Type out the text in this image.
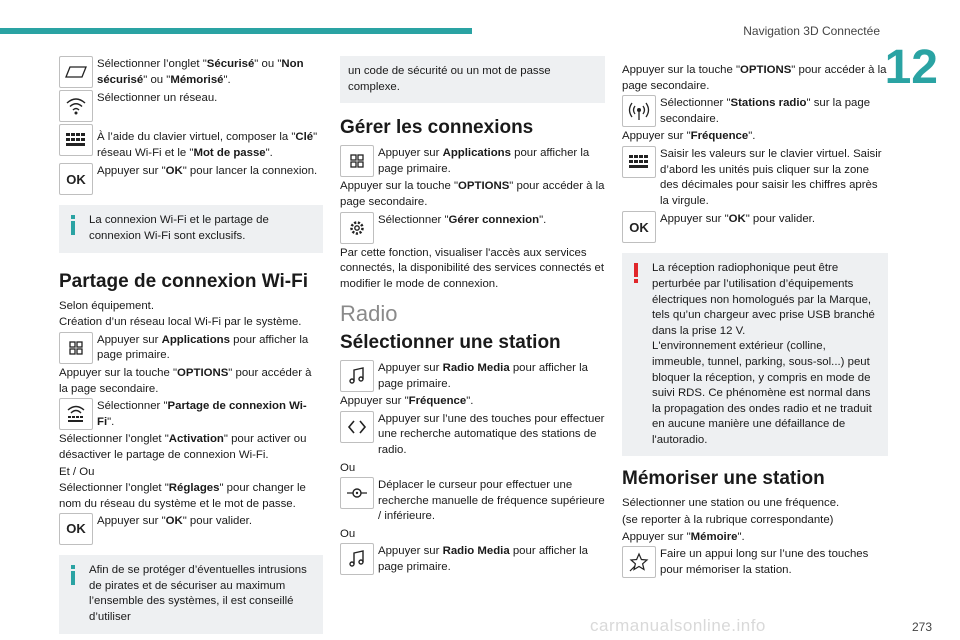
Navigation 3D Connectée
12
Sélectionner l’onglet "Sécurisé" ou "Non sécurisé" ou "Mémorisé".
Sélectionner un réseau.
À l’aide du clavier virtuel, composer la "Clé" réseau Wi-Fi et le "Mot de passe".
OK
Appuyer sur "OK" pour lancer la connexion.
La connexion Wi-Fi et le partage de connexion Wi-Fi sont exclusifs.
Partage de connexion Wi-Fi
Selon équipement.
Création d’un réseau local Wi-Fi par le système.
Appuyer sur Applications pour afficher la page primaire.
Appuyer sur la touche "OPTIONS" pour accéder à la page secondaire.
Sélectionner "Partage de connexion Wi-Fi".
Sélectionner l’onglet "Activation" pour activer ou désactiver le partage de connexion Wi-Fi.
Et / Ou
Sélectionner l’onglet "Réglages" pour changer le nom du réseau du système et le mot de passe.
OK
Appuyer sur "OK" pour valider.
Afin de se protéger d’éventuelles intrusions de pirates et de sécuriser au maximum l’ensemble des systèmes, il est conseillé d’utiliser
un code de sécurité ou un mot de passe complexe.
Gérer les connexions
Appuyer sur Applications pour afficher la page primaire.
Appuyer sur la touche "OPTIONS" pour accéder à la page secondaire.
Sélectionner "Gérer connexion".
Par cette fonction, visualiser l'accès aux services connectés, la disponibilité des services connectés et modifier le mode de connexion.
Radio
Sélectionner une station
Appuyer sur Radio Media pour afficher la page primaire.
Appuyer sur "Fréquence".
Appuyer sur l’une des touches pour effectuer une recherche automatique des stations de radio.
Ou
Déplacer le curseur pour effectuer une recherche manuelle de fréquence supérieure / inférieure.
Ou
Appuyer sur Radio Media pour afficher la page primaire.
Appuyer sur la touche "OPTIONS" pour accéder à la page secondaire.
Sélectionner "Stations radio" sur la page secondaire.
Appuyer sur "Fréquence".
Saisir les valeurs sur le clavier virtuel. Saisir d’abord les unités puis cliquer sur la zone des décimales pour saisir les chiffres après la virgule.
OK
Appuyer sur "OK" pour valider.
La réception radiophonique peut être perturbée par l’utilisation d’équipements électriques non homologués par la Marque, tels qu’un chargeur avec prise USB branché dans la prise 12 V.
L'environnement extérieur (colline, immeuble, tunnel, parking, sous-sol...) peut bloquer la réception, y compris en mode de suivi RDS. Ce phénomène est normal dans la propagation des ondes radio et ne traduit en aucune manière une défaillance de l'autoradio.
Mémoriser une station
Sélectionner une station ou une fréquence.
(se reporter à la rubrique correspondante)
Appuyer sur "Mémoire".
Faire un appui long sur l’une des touches pour mémoriser la station.
carmanualsonline.info	273
